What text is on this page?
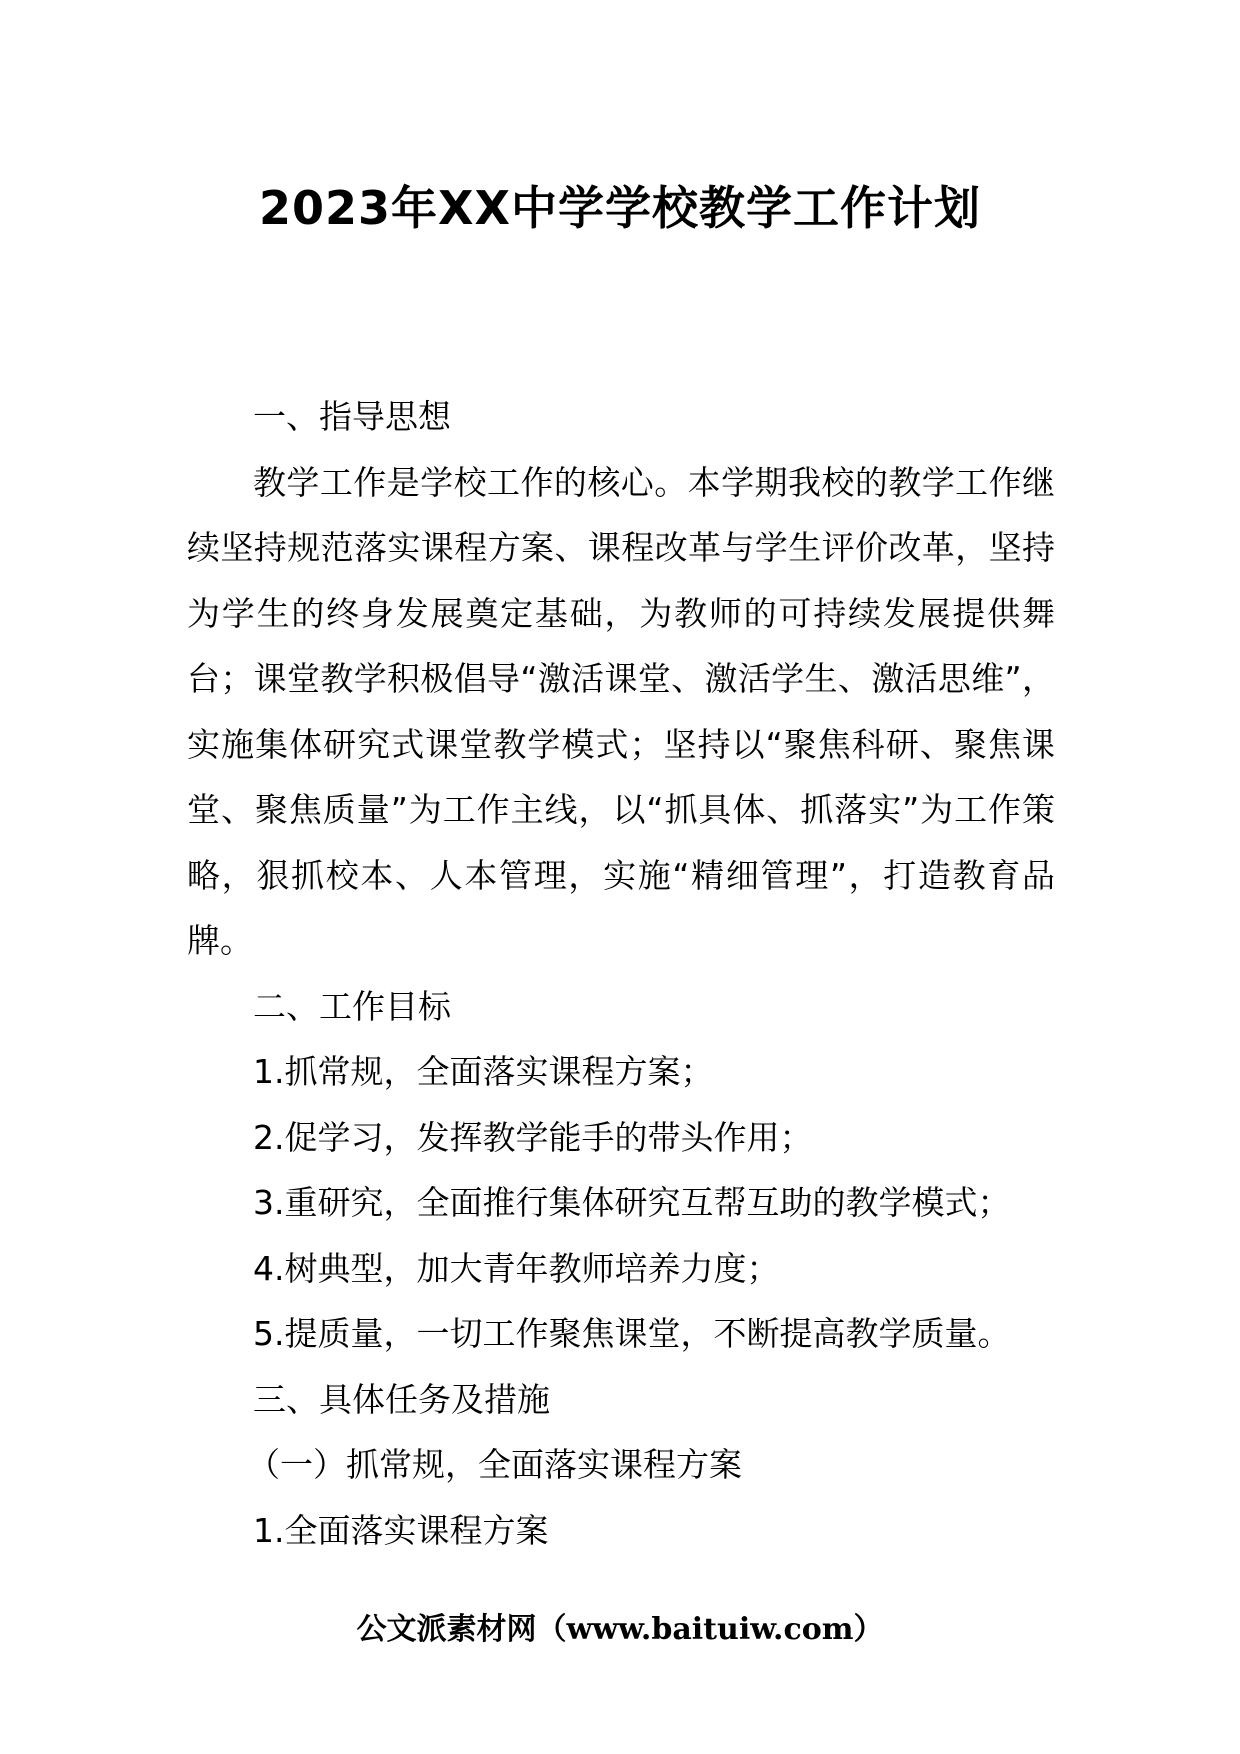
2023年XX中学学校教学工作计划

一、指导思想

教学工作是学校工作的核心。本学期我校的教学工作继续坚持规范落实课程方案、课程改革与学生评价改革，坚持为学生的终身发展奠定基础，为教师的可持续发展提供舞台；课堂教学积极倡导“激活课堂、激活学生、激活思维”，实施集体研究式课堂教学模式；坚持以“聚焦科研、聚焦课堂、聚焦质量”为工作主线，以“抓具体、抓落实”为工作策略，狠抓校本、人本管理，实施“精细管理”，打造教育品牌。

二、工作目标

1.抓常规，全面落实课程方案；

2.促学习，发挥教学能手的带头作用；

3.重研究，全面推行集体研究互帮互助的教学模式；

4.树典型，加大青年教师培养力度；

5.提质量，一切工作聚焦课堂，不断提高教学质量。

三、具体任务及措施

（一）抓常规，全面落实课程方案

1.全面落实课程方案

公文派素材网（www.baituiw.com）
